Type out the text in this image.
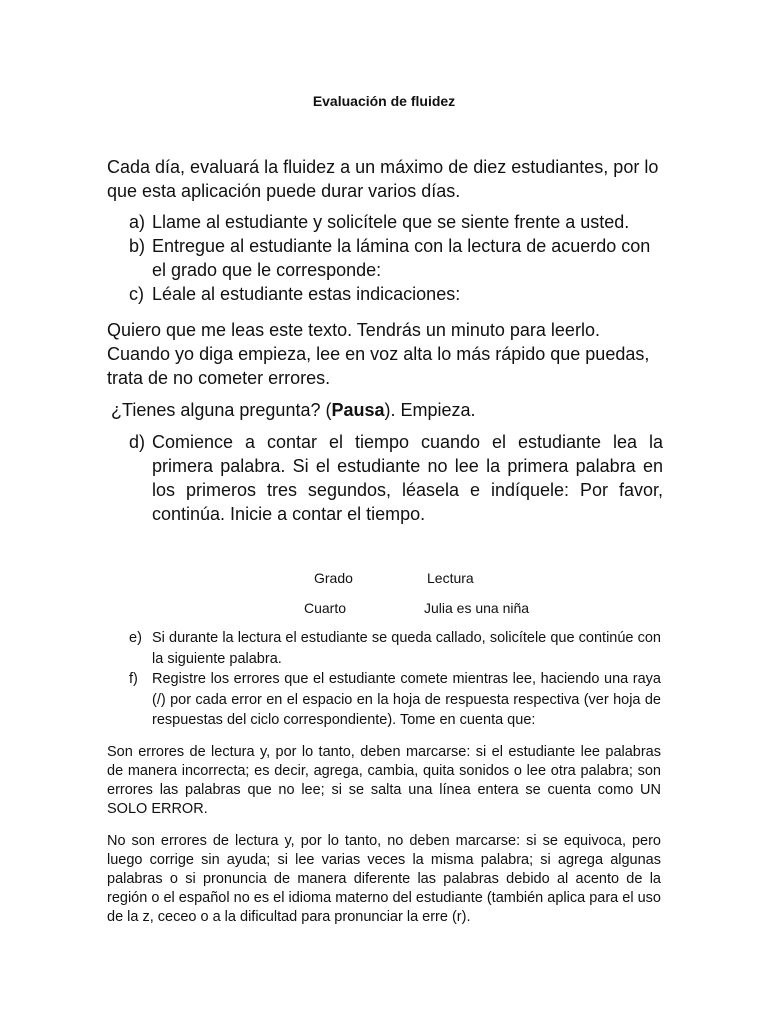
Evaluación de fluidez

Cada día, evaluará la fluidez a un máximo de diez estudiantes, por lo que esta aplicación puede durar varios días.

a) Llame al estudiante y solicítele que se siente frente a usted.
b) Entregue al estudiante la lámina con la lectura de acuerdo con el grado que le corresponde:
c) Léale al estudiante estas indicaciones:

Quiero que me leas este texto. Tendrás un minuto para leerlo. Cuando yo diga empieza, lee en voz alta lo más rápido que puedas, trata de no cometer errores.

¿Tienes alguna pregunta? (Pausa). Empieza.

d) Comience a contar el tiempo cuando el estudiante lea la primera palabra. Si el estudiante no lee la primera palabra en los primeros tres segundos, léasela e indíquele: Por favor, continúa. Inicie a contar el tiempo.
Grado	Lectura
Cuarto	Julia es una niña
e) Si durante la lectura el estudiante se queda callado, solicítele que continúe con la siguiente palabra.
f) Registre los errores que el estudiante comete mientras lee, haciendo una raya (/) por cada error en el espacio en la hoja de respuesta respectiva (ver hoja de respuestas del ciclo correspondiente). Tome en cuenta que:

Son errores de lectura y, por lo tanto, deben marcarse: si el estudiante lee palabras de manera incorrecta; es decir, agrega, cambia, quita sonidos o lee otra palabra; son errores las palabras que no lee; si se salta una línea entera se cuenta como UN SOLO ERROR.

No son errores de lectura y, por lo tanto, no deben marcarse: si se equivoca, pero luego corrige sin ayuda; si lee varias veces la misma palabra; si agrega algunas palabras o si pronuncia de manera diferente las palabras debido al acento de la región o el español no es el idioma materno del estudiante (también aplica para el uso de la z, ceceo o a la dificultad para pronunciar la erre (r).
